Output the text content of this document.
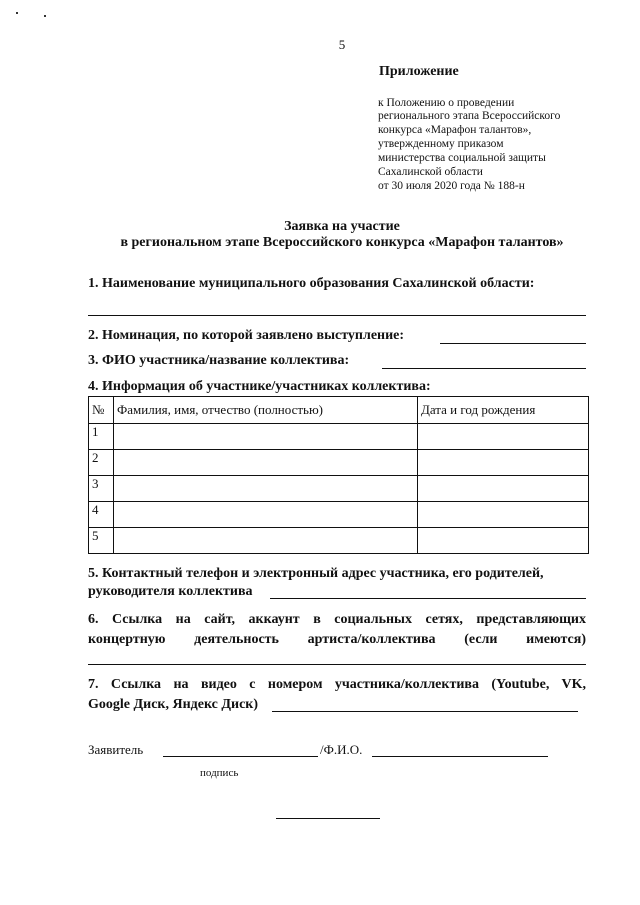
5
Приложение
к Положению о проведении
регионального этапа Всероссийского
конкурса «Марафон талантов»,
утвержденному приказом
министерства социальной защиты
Сахалинской области
от 30 июля 2020 года № 188-н
Заявка на участие
в региональном этапе Всероссийского конкурса «Марафон талантов»
1. Наименование муниципального образования Сахалинской области:
2. Номинация, по которой заявлено выступление:
3. ФИО участника/название коллектива:
4. Информация об участнике/участниках коллектива:
№	Фамилия, имя, отчество (полностью)	Дата и год рождения
1		
2		
3		
4		
5		
5. Контактный телефон и электронный адрес участника, его родителей,
руководителя коллектива
6. Ссылка на сайт, аккаунт в социальных сетях, представляющих
концертную деятельность артиста/коллектива (если имеются)
7. Ссылка на видео с номером участника/коллектива (Youtube, VK,
Google Диск, Яндекс Диск)
Заявитель	/Ф.И.О.
подпись
